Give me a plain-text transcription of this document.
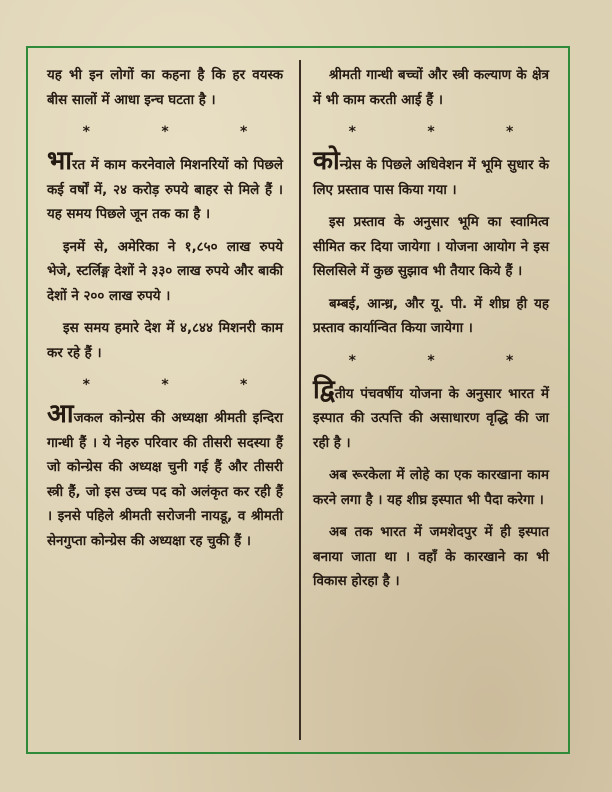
यह भी इन लोगों का कहना है कि हर वयस्क बीस सालों में आधा इन्च घटता है ।

*	*	*

भारत में काम करनेवाले मिशनरियों को पिछले कई वर्षों में, २४ करोड़ रुपये बाहर से मिले हैं । यह समय पिछले जून तक का है ।

इनमें से, अमेरिका ने १,८५० लाख रुपये भेजे, स्टर्लिङ्ग देशों ने ३३० लाख रुपये और बाकी देशों ने २०० लाख रुपये ।

इस समय हमारे देश में ४,८४४ मिशनरी काम कर रहे हैं ।

*	*	*

आजकल कोन्ग्रेस की अध्यक्षा श्रीमती इन्दिरा गान्धी हैं । ये नेहरु परिवार की तीसरी सदस्या हैं जो कोन्ग्रेस की अध्यक्ष चुनी गई हैं और तीसरी स्त्री हैं, जो इस उच्च पद को अलंकृत कर रही हैं । इनसे पहिले श्रीमती सरोजनी नायडू, व श्रीमती सेनगुप्ता कोन्ग्रेस की अध्यक्षा रह चुकी हैं ।

श्रीमती गान्धी बच्चों और स्त्री कल्याण के क्षेत्र में भी काम करती आई हैं ।

*	*	*

कोन्ग्रेस के पिछले अधिवेशन में भूमि सुधार के लिए प्रस्ताव पास किया गया ।

इस प्रस्ताव के अनुसार भूमि का स्वामित्व सीमित कर दिया जायेगा । योजना आयोग ने इस सिलसिले में कुछ सुझाव भी तैयार किये हैं ।

बम्बई, आन्ध्र, और यू. पी. में शीघ्र ही यह प्रस्ताव कार्यान्वित किया जायेगा ।

*	*	*

द्वितीय पंचवर्षीय योजना के अनुसार भारत में इस्पात की उत्पत्ति की असाधारण वृद्धि की जा रही है ।

अब रूरकेला में लोहे का एक कारखाना काम करने लगा है । यह शीघ्र इस्पात भी पैदा करेगा ।

अब तक भारत में जमशेदपुर में ही इस्पात बनाया जाता था । वहाँ के कारखाने का भी विकास होरहा है ।
